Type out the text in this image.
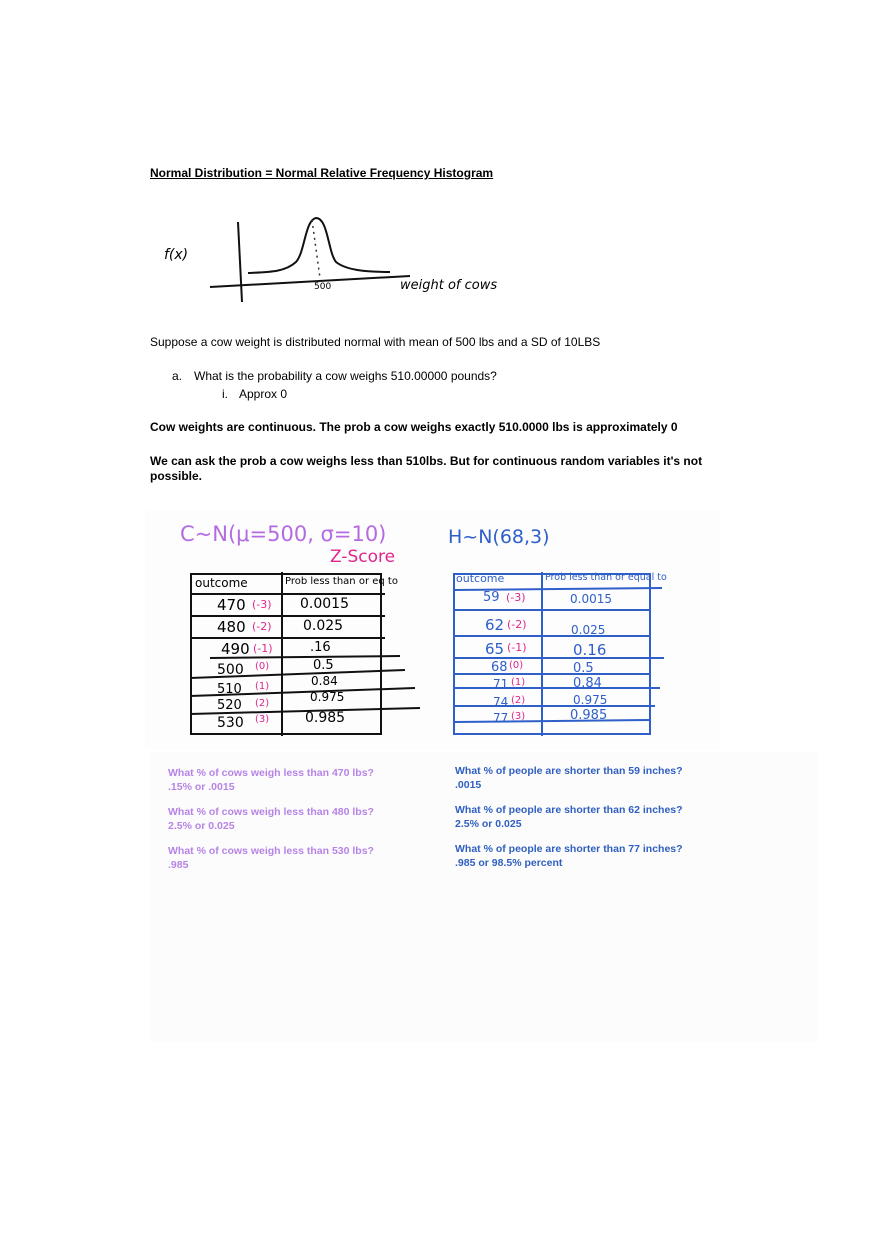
Normal Distribution = Normal Relative Frequency Histogram
f(x)
500	weight of cows
Suppose a cow weight is distributed normal with mean of 500 lbs and a SD of 10LBS
a. What is the probability a cow weighs 510.00000 pounds?
i. Approx 0
Cow weights are continuous. The prob a cow weighs exactly 510.0000 lbs is approximately 0
We can ask the prob a cow weighs less than 510lbs. But for continuous random variables it's not possible.
C~N(μ=500, σ=10)
Z-Score
outcome	Prob less than or eq to
470 (-3) 0.0015
480 (-2) 0.025
490 (-1)	.16
500 (0)	0.5
510 (1)	0.84
520 (2)	0.975
530 (3)	0.985
H~N(68,3)
outcome	Prob less than or equal to
59 (-3)	0.0015
62 (-2)	0.025
65 (-1)	0.16
68 (0)	0.5
71 (1)	0.84
74 (2)	0.975
77 (3)	0.985
What % of cows weigh less than 470 lbs?
.15% or .0015
What % of cows weigh less than 480 lbs?
2.5% or 0.025
What % of cows weigh less than 530 lbs?
.985
What % of people are shorter than 59 inches?
.0015
What % of people are shorter than 62 inches?
2.5% or 0.025
What % of people are shorter than 77 inches?
.985 or 98.5% percent
